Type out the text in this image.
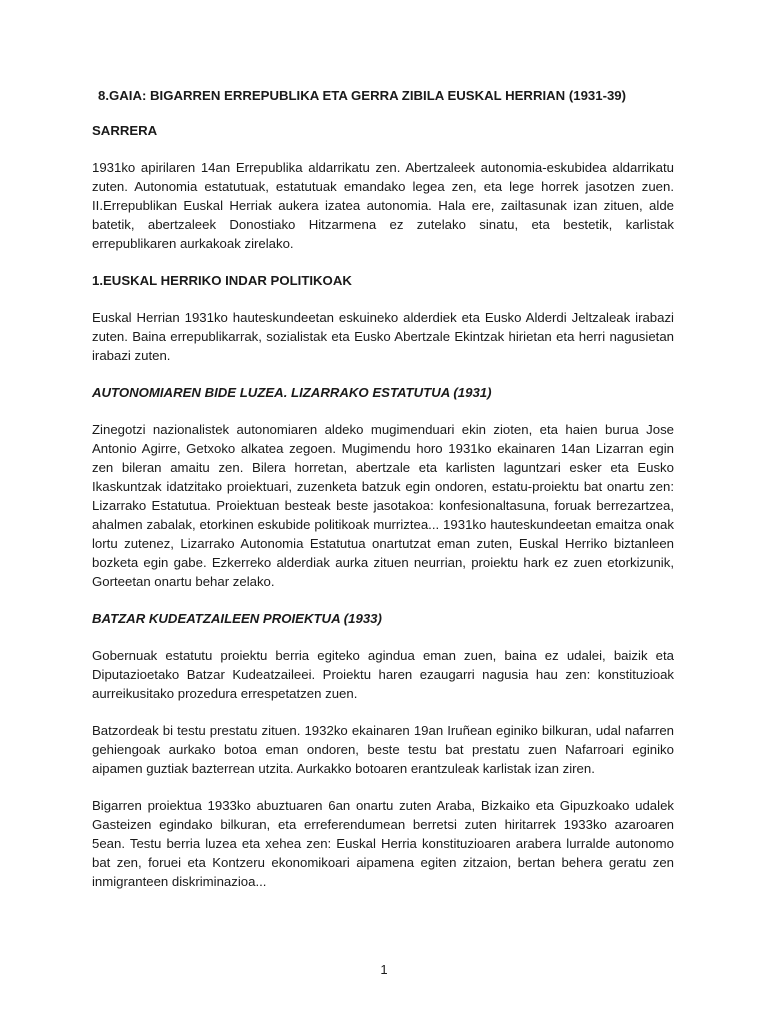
8.GAIA: BIGARREN ERREPUBLIKA ETA GERRA ZIBILA EUSKAL HERRIAN (1931-39)
SARRERA

1931ko apirilaren 14an Errepublika aldarrikatu zen. Abertzaleek autonomia-eskubidea aldarrikatu zuten. Autonomia estatutuak, estatutuak emandako legea zen, eta lege horrek jasotzen zuen. II.Errepublikan Euskal Herriak aukera izatea autonomia. Hala ere, zailtasunak izan zituen, alde batetik, abertzaleek Donostiako Hitzarmena ez zutelako sinatu, eta bestetik, karlistak errepublikaren aurkakoak zirelako.

1.EUSKAL HERRIKO INDAR POLITIKOAK

Euskal Herrian 1931ko hauteskundeetan eskuineko alderdiek eta Eusko Alderdi Jeltzaleak irabazi zuten. Baina errepublikarrak, sozialistak eta Eusko Abertzale Ekintzak hirietan eta herri nagusietan irabazi zuten.

AUTONOMIAREN BIDE LUZEA. LIZARRAKO ESTATUTUA (1931)

Zinegotzi nazionalistek autonomiaren aldeko mugimenduari ekin zioten, eta haien burua Jose Antonio Agirre, Getxoko alkatea zegoen. Mugimendu horo 1931ko ekainaren 14an Lizarran egin zen bileran amaitu zen. Bilera horretan, abertzale eta karlisten laguntzari esker eta Eusko Ikaskuntzak idatzitako proiektuari, zuzenketa batzuk egin ondoren, estatu-proiektu bat onartu zen: Lizarrako Estatutua. Proiektuan besteak beste jasotakoa: konfesionaltasuna, foruak berrezartzea, ahalmen zabalak, etorkinen eskubide politikoak murriztea... 1931ko hauteskundeetan emaitza onak lortu zutenez, Lizarrako Autonomia Estatutua onartutzat eman zuten, Euskal Herriko biztanleen bozketa egin gabe. Ezkerreko alderdiak aurka zituen neurrian, proiektu hark ez zuen etorkizunik, Gorteetan onartu behar zelako.

BATZAR KUDEATZAILEEN PROIEKTUA (1933)

Gobernuak estatutu proiektu berria egiteko agindua eman zuen, baina ez udalei, baizik eta Diputazioetako Batzar Kudeatzaileei. Proiektu haren ezaugarri nagusia hau zen: konstituzioak aurreikusitako prozedura errespetatzen zuen.

Batzordeak bi testu prestatu zituen. 1932ko ekainaren 19an Iruñean eginiko bilkuran, udal nafarren gehiengoak aurkako botoa eman ondoren, beste testu bat prestatu zuen Nafarroari eginiko aipamen guztiak bazterrean utzita. Aurkakko botoaren erantzuleak karlistak izan ziren.

Bigarren proiektua 1933ko abuztuaren 6an onartu zuten Araba, Bizkaiko eta Gipuzkoako udalek Gasteizen egindako bilkuran, eta erreferendumean berretsi zuten hiritarrek 1933ko azaroaren 5ean. Testu berria luzea eta xehea zen: Euskal Herria konstituzioaren arabera lurralde autonomo bat zen, foruei eta Kontzeru ekonomikoari aipamena egiten zitzaion, bertan behera geratu zen inmigranteen diskriminazioa...

1
